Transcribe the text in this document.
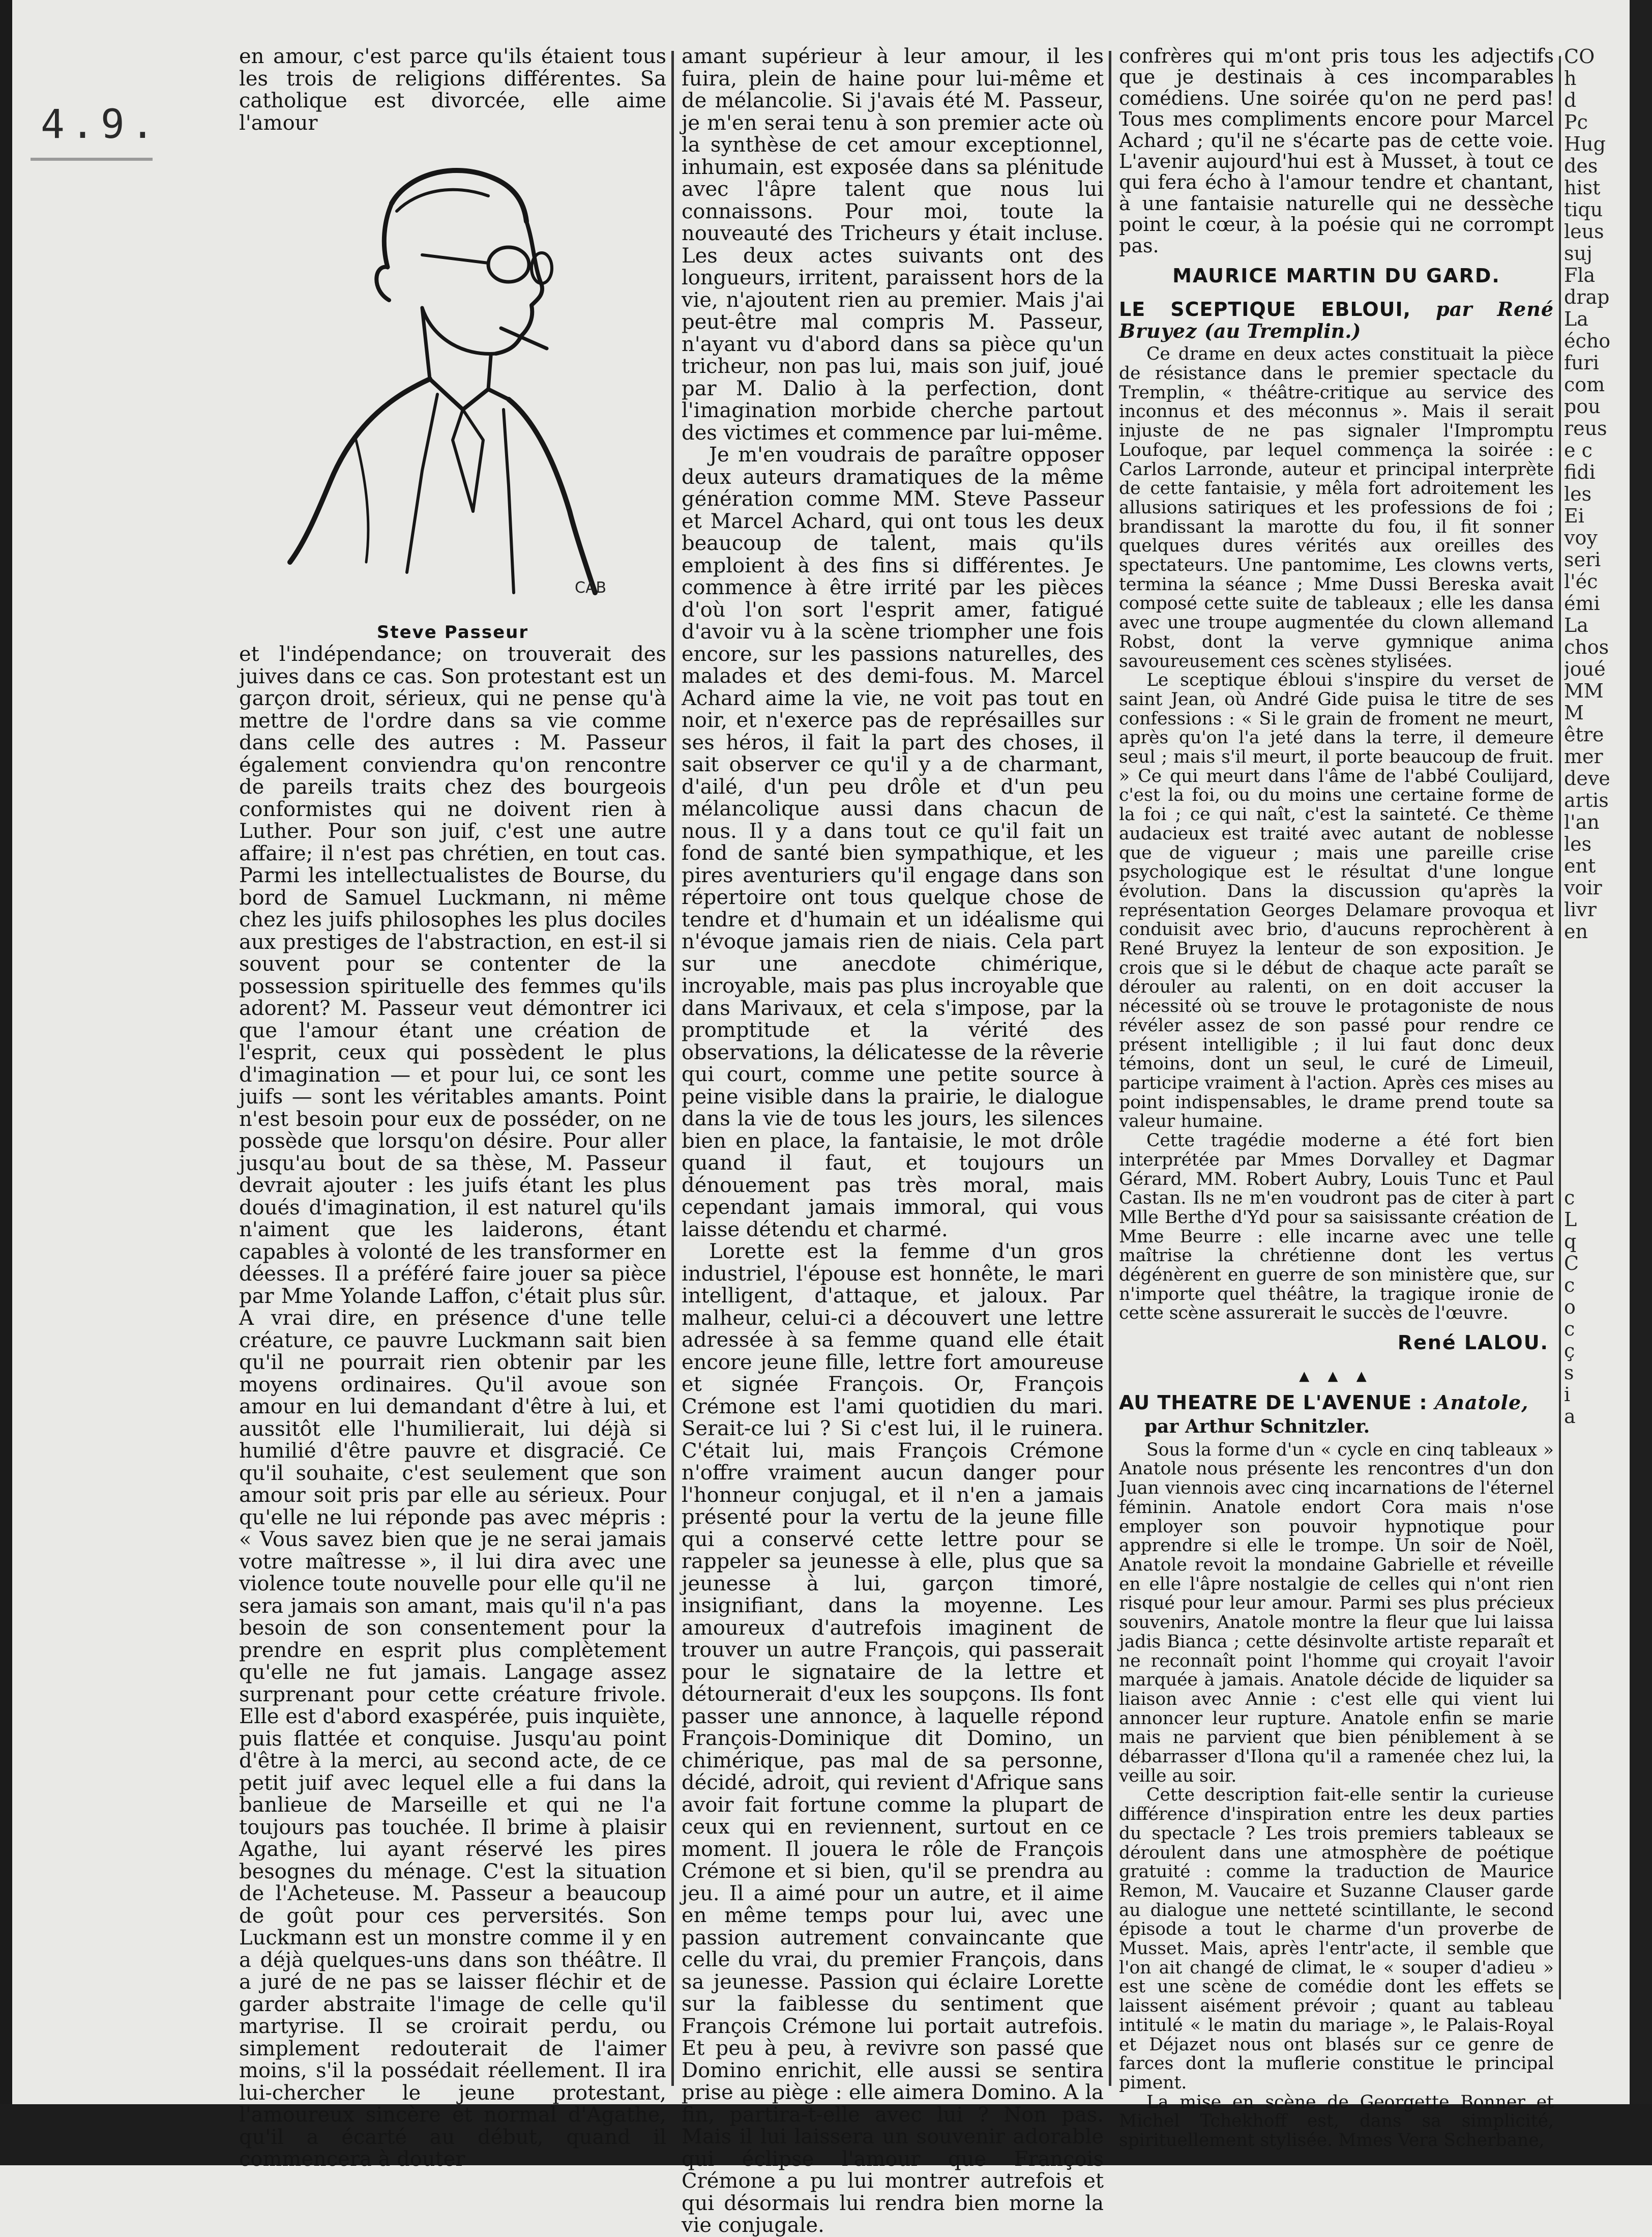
4.9.

en amour, c'est parce qu'ils étaient tous les trois de religions différentes. Sa catholique est divorcée, elle aime l'amour

CAB
Steve Passeur

et l'indépendance; on trouverait des juives dans ce cas. Son protestant est un garçon droit, sérieux, qui ne pense qu'à mettre de l'ordre dans sa vie comme dans celle des autres : M. Passeur également conviendra qu'on rencontre de pareils traits chez des bourgeois conformistes qui ne doivent rien à Luther. Pour son juif, c'est une autre affaire; il n'est pas chrétien, en tout cas. Parmi les intellectualistes de Bourse, du bord de Samuel Luckmann, ni même chez les juifs philosophes les plus dociles aux prestiges de l'abstraction, en est-il si souvent pour se contenter de la possession spirituelle des femmes qu'ils adorent? M. Passeur veut démontrer ici que l'amour étant une création de l'esprit, ceux qui possèdent le plus d'imagination — et pour lui, ce sont les juifs — sont les véritables amants. Point n'est besoin pour eux de posséder, on ne possède que lorsqu'on désire. Pour aller jusqu'au bout de sa thèse, M. Passeur devrait ajouter : les juifs étant les plus doués d'imagination, il est naturel qu'ils n'aiment que les laiderons, étant capables à volonté de les transformer en déesses. Il a préféré faire jouer sa pièce par Mme Yolande Laffon, c'était plus sûr. A vrai dire, en présence d'une telle créature, ce pauvre Luckmann sait bien qu'il ne pourrait rien obtenir par les moyens ordinaires. Qu'il avoue son amour en lui demandant d'être à lui, et aussitôt elle l'humilierait, lui déjà si humilié d'être pauvre et disgracié. Ce qu'il souhaite, c'est seulement que son amour soit pris par elle au sérieux. Pour qu'elle ne lui réponde pas avec mépris : « Vous savez bien que je ne serai jamais votre maîtresse », il lui dira avec une violence toute nouvelle pour elle qu'il ne sera jamais son amant, mais qu'il n'a pas besoin de son consentement pour la prendre en esprit plus complètement qu'elle ne fut jamais. Langage assez surprenant pour cette créature frivole. Elle est d'abord exaspérée, puis inquiète, puis flattée et conquise. Jusqu'au point d'être à la merci, au second acte, de ce petit juif avec lequel elle a fui dans la banlieue de Marseille et qui ne l'a toujours pas touchée. Il brime à plaisir Agathe, lui ayant réservé les pires besognes du ménage. C'est la situation de l'Acheteuse. M. Passeur a beaucoup de goût pour ces perversités. Son Luckmann est un monstre comme il y en a déjà quelques-uns dans son théâtre. Il a juré de ne pas se laisser fléchir et de garder abstraite l'image de celle qu'il martyrise. Il se croirait perdu, ou simplement redouterait de l'aimer moins, s'il la possédait réellement. Il ira lui-chercher le jeune protestant, l'amoureux sincère et normal d'Agathe, qu'il a écarté au début, quand il commencera à douter

amant supérieur à leur amour, il les fuira, plein de haine pour lui-même et de mélancolie. Si j'avais été M. Passeur, je m'en serai tenu à son premier acte où la synthèse de cet amour exceptionnel, inhumain, est exposée dans sa plénitude avec l'âpre talent que nous lui connaissons. Pour moi, toute la nouveauté des Tricheurs y était incluse. Les deux actes suivants ont des longueurs, irritent, paraissent hors de la vie, n'ajoutent rien au premier. Mais j'ai peut-être mal compris M. Passeur, n'ayant vu d'abord dans sa pièce qu'un tricheur, non pas lui, mais son juif, joué par M. Dalio à la perfection, dont l'imagination morbide cherche partout des victimes et commence par lui-même.

Je m'en voudrais de paraître opposer deux auteurs dramatiques de la même génération comme MM. Steve Passeur et Marcel Achard, qui ont tous les deux beaucoup de talent, mais qu'ils emploient à des fins si différentes. Je commence à être irrité par les pièces d'où l'on sort l'esprit amer, fatigué d'avoir vu à la scène triompher une fois encore, sur les passions naturelles, des malades et des demi-fous. M. Marcel Achard aime la vie, ne voit pas tout en noir, et n'exerce pas de représailles sur ses héros, il fait la part des choses, il sait observer ce qu'il y a de charmant, d'ailé, d'un peu drôle et d'un peu mélancolique aussi dans chacun de nous. Il y a dans tout ce qu'il fait un fond de santé bien sympathique, et les pires aventuriers qu'il engage dans son répertoire ont tous quelque chose de tendre et d'humain et un idéalisme qui n'évoque jamais rien de niais. Cela part sur une anecdote chimérique, incroyable, mais pas plus incroyable que dans Marivaux, et cela s'impose, par la promptitude et la vérité des observations, la délicatesse de la rêverie qui court, comme une petite source à peine visible dans la prairie, le dialogue dans la vie de tous les jours, les silences bien en place, la fantaisie, le mot drôle quand il faut, et toujours un dénouement pas très moral, mais cependant jamais immoral, qui vous laisse détendu et charmé.

Lorette est la femme d'un gros industriel, l'épouse est honnête, le mari intelligent, d'attaque, et jaloux. Par malheur, celui-ci a découvert une lettre adressée à sa femme quand elle était encore jeune fille, lettre fort amoureuse et signée François. Or, François Crémone est l'ami quotidien du mari. Serait-ce lui ? Si c'est lui, il le ruinera. C'était lui, mais François Crémone n'offre vraiment aucun danger pour l'honneur conjugal, et il n'en a jamais présenté pour la vertu de la jeune fille qui a conservé cette lettre pour se rappeler sa jeunesse à elle, plus que sa jeunesse à lui, garçon timoré, insignifiant, dans la moyenne. Les amoureux d'autrefois imaginent de trouver un autre François, qui passerait pour le signataire de la lettre et détournerait d'eux les soupçons. Ils font passer une annonce, à laquelle répond François-Dominique dit Domino, un chimérique, pas mal de sa personne, décidé, adroit, qui revient d'Afrique sans avoir fait fortune comme la plupart de ceux qui en reviennent, surtout en ce moment. Il jouera le rôle de François Crémone et si bien, qu'il se prendra au jeu. Il a aimé pour un autre, et il aime en même temps pour lui, avec une passion autrement convaincante que celle du vrai, du premier François, dans sa jeunesse. Passion qui éclaire Lorette sur la faiblesse du sentiment que François Crémone lui portait autrefois. Et peu à peu, à revivre son passé que Domino enrichit, elle aussi se sentira prise au piège : elle aimera Domino. A la fin, partira-t-elle avec lui ? Non pas. Mais il lui laissera un souvenir adorable qui éclipse l'amour que François Crémone a pu lui montrer autrefois et qui désormais lui rendra bien morne la vie conjugale.

confrères qui m'ont pris tous les adjectifs que je destinais à ces incomparables comédiens. Une soirée qu'on ne perd pas! Tous mes compliments encore pour Marcel Achard ; qu'il ne s'écarte pas de cette voie. L'avenir aujourd'hui est à Musset, à tout ce qui fera écho à l'amour tendre et chantant, à une fantaisie naturelle qui ne dessèche point le cœur, à la poésie qui ne corrompt pas.

MAURICE MARTIN DU GARD.
LE SCEPTIQUE EBLOUI, par René Bruyez (au Tremplin.)

Ce drame en deux actes constituait la pièce de résistance dans le premier spectacle du Tremplin, « théâtre-critique au service des inconnus et des méconnus ». Mais il serait injuste de ne pas signaler l'Impromptu Loufoque, par lequel commença la soirée : Carlos Larronde, auteur et principal interprète de cette fantaisie, y mêla fort adroitement les allusions satiriques et les professions de foi ; brandissant la marotte du fou, il fit sonner quelques dures vérités aux oreilles des spectateurs. Une pantomime, Les clowns verts, termina la séance ; Mme Dussi Bereska avait composé cette suite de tableaux ; elle les dansa avec une troupe augmentée du clown allemand Robst, dont la verve gymnique anima savoureusement ces scènes stylisées.

Le sceptique ébloui s'inspire du verset de saint Jean, où André Gide puisa le titre de ses confessions : « Si le grain de froment ne meurt, après qu'on l'a jeté dans la terre, il demeure seul ; mais s'il meurt, il porte beaucoup de fruit. » Ce qui meurt dans l'âme de l'abbé Coulijard, c'est la foi, ou du moins une certaine forme de la foi ; ce qui naît, c'est la sainteté. Ce thème audacieux est traité avec autant de noblesse que de vigueur ; mais une pareille crise psychologique est le résultat d'une longue évolution. Dans la discussion qu'après la représentation Georges Delamare provoqua et conduisit avec brio, d'aucuns reprochèrent à René Bruyez la lenteur de son exposition. Je crois que si le début de chaque acte paraît se dérouler au ralenti, on en doit accuser la nécessité où se trouve le protagoniste de nous révéler assez de son passé pour rendre ce présent intelligible ; il lui faut donc deux témoins, dont un seul, le curé de Limeuil, participe vraiment à l'action. Après ces mises au point indispensables, le drame prend toute sa valeur humaine.

Cette tragédie moderne a été fort bien interprétée par Mmes Dorvalley et Dagmar Gérard, MM. Robert Aubry, Louis Tunc et Paul Castan. Ils ne m'en voudront pas de citer à part Mlle Berthe d'Yd pour sa saisissante création de Mme Beurre : elle incarne avec une telle maîtrise la chrétienne dont les vertus dégénèrent en guerre de son ministère que, sur n'importe quel théâtre, la tragique ironie de cette scène assurerait le succès de l'œuvre.

René LALOU.
▲ ▲ ▲
AU THEATRE DE L'AVENUE : Anatole,
par Arthur Schnitzler.

Sous la forme d'un « cycle en cinq tableaux » Anatole nous présente les rencontres d'un don Juan viennois avec cinq incarnations de l'éternel féminin. Anatole endort Cora mais n'ose employer son pouvoir hypnotique pour apprendre si elle le trompe. Un soir de Noël, Anatole revoit la mondaine Gabrielle et réveille en elle l'âpre nostalgie de celles qui n'ont rien risqué pour leur amour. Parmi ses plus précieux souvenirs, Anatole montre la fleur que lui laissa jadis Bianca ; cette désinvolte artiste reparaît et ne reconnaît point l'homme qui croyait l'avoir marquée à jamais. Anatole décide de liquider sa liaison avec Annie : c'est elle qui vient lui annoncer leur rupture. Anatole enfin se marie mais ne parvient que bien péniblement à se débarrasser d'Ilona qu'il a ramenée chez lui, la veille au soir.

Cette description fait-elle sentir la curieuse différence d'inspiration entre les deux parties du spectacle ? Les trois premiers tableaux se déroulent dans une atmosphère de poétique gratuité : comme la traduction de Maurice Remon, M. Vaucaire et Suzanne Clauser garde au dialogue une netteté scintillante, le second épisode a tout le charme d'un proverbe de Musset. Mais, après l'entr'acte, il semble que l'on ait changé de climat, le « souper d'adieu » est une scène de comédie dont les effets se laissent aisément prévoir ; quant au tableau intitulé « le matin du mariage », le Palais-Royal et Déjazet nous ont blasés sur ce genre de farces dont la muflerie constitue le principal piment.

La mise en scène de Georgette Bonner et Michel Tchekhoff est, dans sa simplicité, spirituellement stylisée. Mmes Vera Scherbane,

CO
h
d
Pc
Hug
des
hist
tiqu
leus
suj
Fla
drap
La
écho
furi
com
pou
reus
e c
fidi
les
Ei
voy
seri
l'éc
émi
La
chos
joué
MM
M
être
mer
deve
artis
l'an
les
ent
voir
livr
en
c
L
q
C
c
o
c
ç
s
i
a
